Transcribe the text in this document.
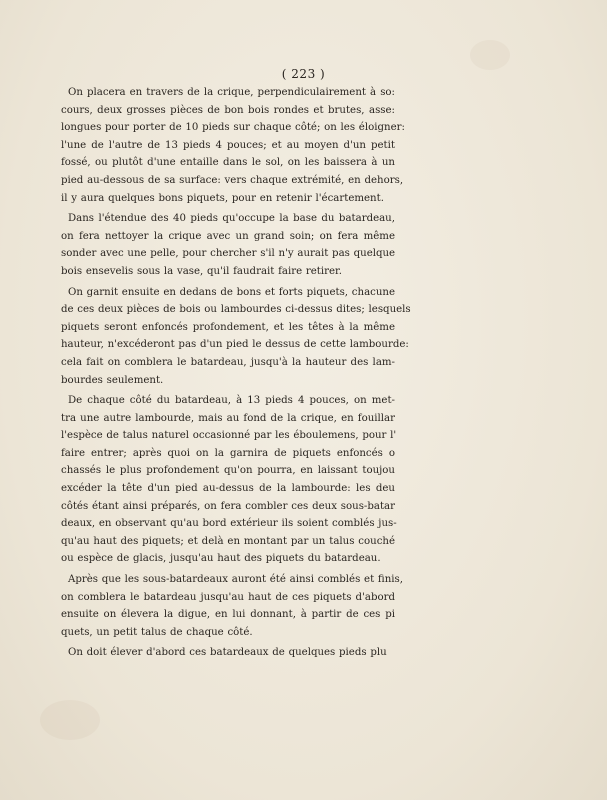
( 223 )
On placera en travers de la crique, perpendiculairement à so:
cours, deux grosses pièces de bon bois rondes et brutes, asse:
longues pour porter de 10 pieds sur chaque côté; on les éloigner:
l'une de l'autre de 13 pieds 4 pouces; et au moyen d'un petit
fossé, ou plutôt d'une entaille dans le sol, on les baissera à un
pied au-dessous de sa surface: vers chaque extrémité, en dehors,
il y aura quelques bons piquets, pour en retenir l'écartement.
Dans l'étendue des 40 pieds qu'occupe la base du batardeau,
on fera nettoyer la crique avec un grand soin; on fera même
sonder avec une pelle, pour chercher s'il n'y aurait pas quelque
bois ensevelis sous la vase, qu'il faudrait faire retirer.
On garnit ensuite en dedans de bons et forts piquets, chacune
de ces deux pièces de bois ou lambourdes ci-dessus dites; lesquels
piquets seront enfoncés profondement, et les têtes à la même
hauteur, n'excéderont pas d'un pied le dessus de cette lambourde:
cela fait on comblera le batardeau, jusqu'à la hauteur des lam-
bourdes seulement.
De chaque côté du batardeau, à 13 pieds 4 pouces, on met-
tra une autre lambourde, mais au fond de la crique, en fouillar
l'espèce de talus naturel occasionné par les éboulemens, pour l'
faire entrer; après quoi on la garnira de piquets enfoncés o
chassés le plus profondement qu'on pourra, en laissant toujou
excéder la tête d'un pied au-dessus de la lambourde: les deu
côtés étant ainsi préparés, on fera combler ces deux sous-batar
deaux, en observant qu'au bord extérieur ils soient comblés jus-
qu'au haut des piquets; et delà en montant par un talus couché
ou espèce de glacis, jusqu'au haut des piquets du batardeau.
Après que les sous-batardeaux auront été ainsi comblés et finis,
on comblera le batardeau jusqu'au haut de ces piquets d'abord
ensuite on élevera la digue, en lui donnant, à partir de ces pi
quets, un petit talus de chaque côté.
On doit élever d'abord ces batardeaux de quelques pieds plu
